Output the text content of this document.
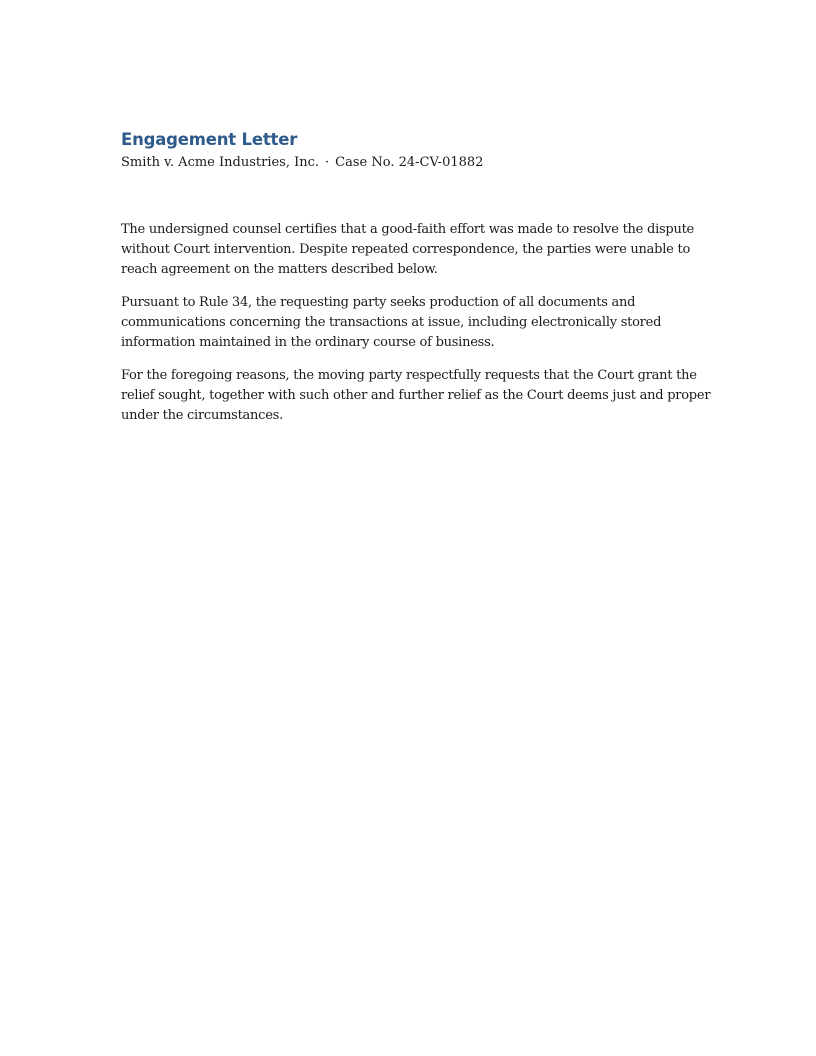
Engagement Letter

Smith v. Acme Industries, Inc. · Case No. 24-CV-01882

The undersigned counsel certifies that a good-faith effort was made to resolve the dispute without Court intervention. Despite repeated correspondence, the parties were unable to reach agreement on the matters described below.

Pursuant to Rule 34, the requesting party seeks production of all documents and communications concerning the transactions at issue, including electronically stored information maintained in the ordinary course of business.

For the foregoing reasons, the moving party respectfully requests that the Court grant the relief sought, together with such other and further relief as the Court deems just and proper under the circumstances.
